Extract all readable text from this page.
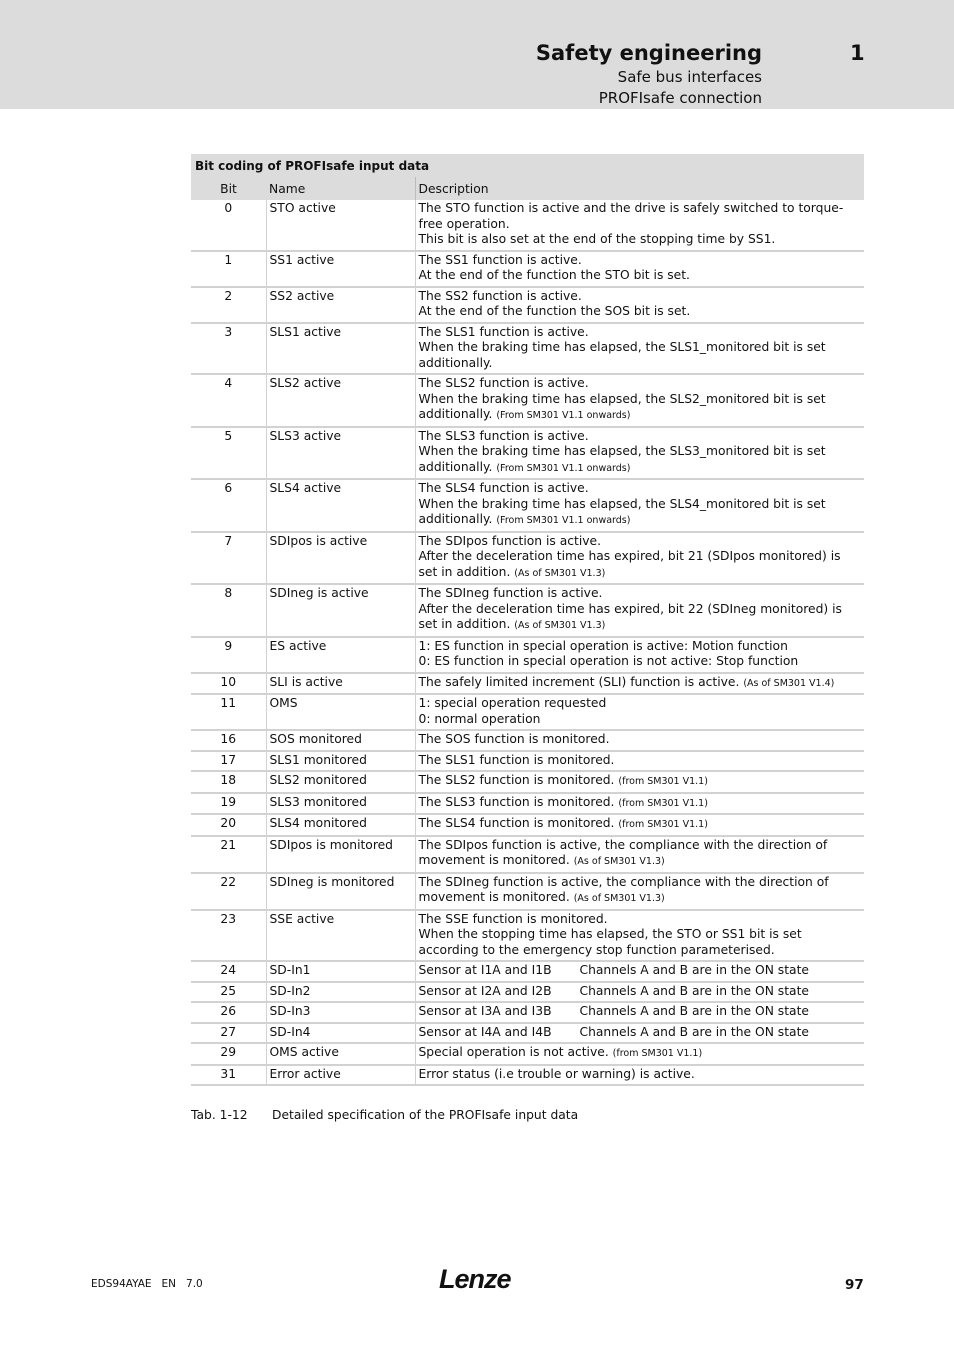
Safety engineering	1
Safe bus interfaces
PROFIsafe connection
Bit coding of PROFIsafe input data
Bit	Name	Description
0	STO active	The STO function is active and the drive is safely switched to torque-free operation.
This bit is also set at the end of the stopping time by SS1.

1	SS1 active	The SS1 function is active.
At the end of the function the STO bit is set.

2	SS2 active	The SS2 function is active.
At the end of the function the SOS bit is set.

3	SLS1 active	The SLS1 function is active.
When the braking time has elapsed, the SLS1_monitored bit is set additionally.

4	SLS2 active	The SLS2 function is active.
When the braking time has elapsed, the SLS2_monitored bit is set additionally. (From SM301 V1.1 onwards)

5	SLS3 active	The SLS3 function is active.
When the braking time has elapsed, the SLS3_monitored bit is set additionally. (From SM301 V1.1 onwards)

6	SLS4 active	The SLS4 function is active.
When the braking time has elapsed, the SLS4_monitored bit is set additionally. (From SM301 V1.1 onwards)

7	SDIpos is active	The SDIpos function is active.
After the deceleration time has expired, bit 21 (SDIpos monitored) is set in addition. (As of SM301 V1.3)

8	SDIneg is active	The SDIneg function is active.
After the deceleration time has expired, bit 22 (SDIneg monitored) is set in addition. (As of SM301 V1.3)

9	ES active	1: ES function in special operation is active: Motion function
0: ES function in special operation is not active: Stop function

10	SLI is active	The safely limited increment (SLI) function is active. (As of SM301 V1.4)

11	OMS	1: special operation requested
0: normal operation

16	SOS monitored	The SOS function is monitored.

17	SLS1 monitored	The SLS1 function is monitored.

18	SLS2 monitored	The SLS2 function is monitored. (from SM301 V1.1)

19	SLS3 monitored	The SLS3 function is monitored. (from SM301 V1.1)

20	SLS4 monitored	The SLS4 function is monitored. (from SM301 V1.1)

21	SDIpos is monitored	The SDIpos function is active, the compliance with the direction of movement is monitored. (As of SM301 V1.3)

22	SDIneg is monitored	The SDIneg function is active, the compliance with the direction of movement is monitored. (As of SM301 V1.3)

23	SSE active	The SSE function is monitored.
When the stopping time has elapsed, the STO or SS1 bit is set according to the emergency stop function parameterised.

24	SD-In1	Sensor at I1A and I1B Channels A and B are in the ON state
25	SD-In2	Sensor at I2A and I2B Channels A and B are in the ON state
26	SD-In3	Sensor at I3A and I3B Channels A and B are in the ON state
27	SD-In4	Sensor at I4A and I4B Channels A and B are in the ON state
29	OMS active	Special operation is not active. (from SM301 V1.1)

31	Error active	Error status (i.e trouble or warning) is active.
Tab. 1-12 Detailed specification of the PROFIsafe input data
EDS94AYAE   EN   7.0	Lenze	97
